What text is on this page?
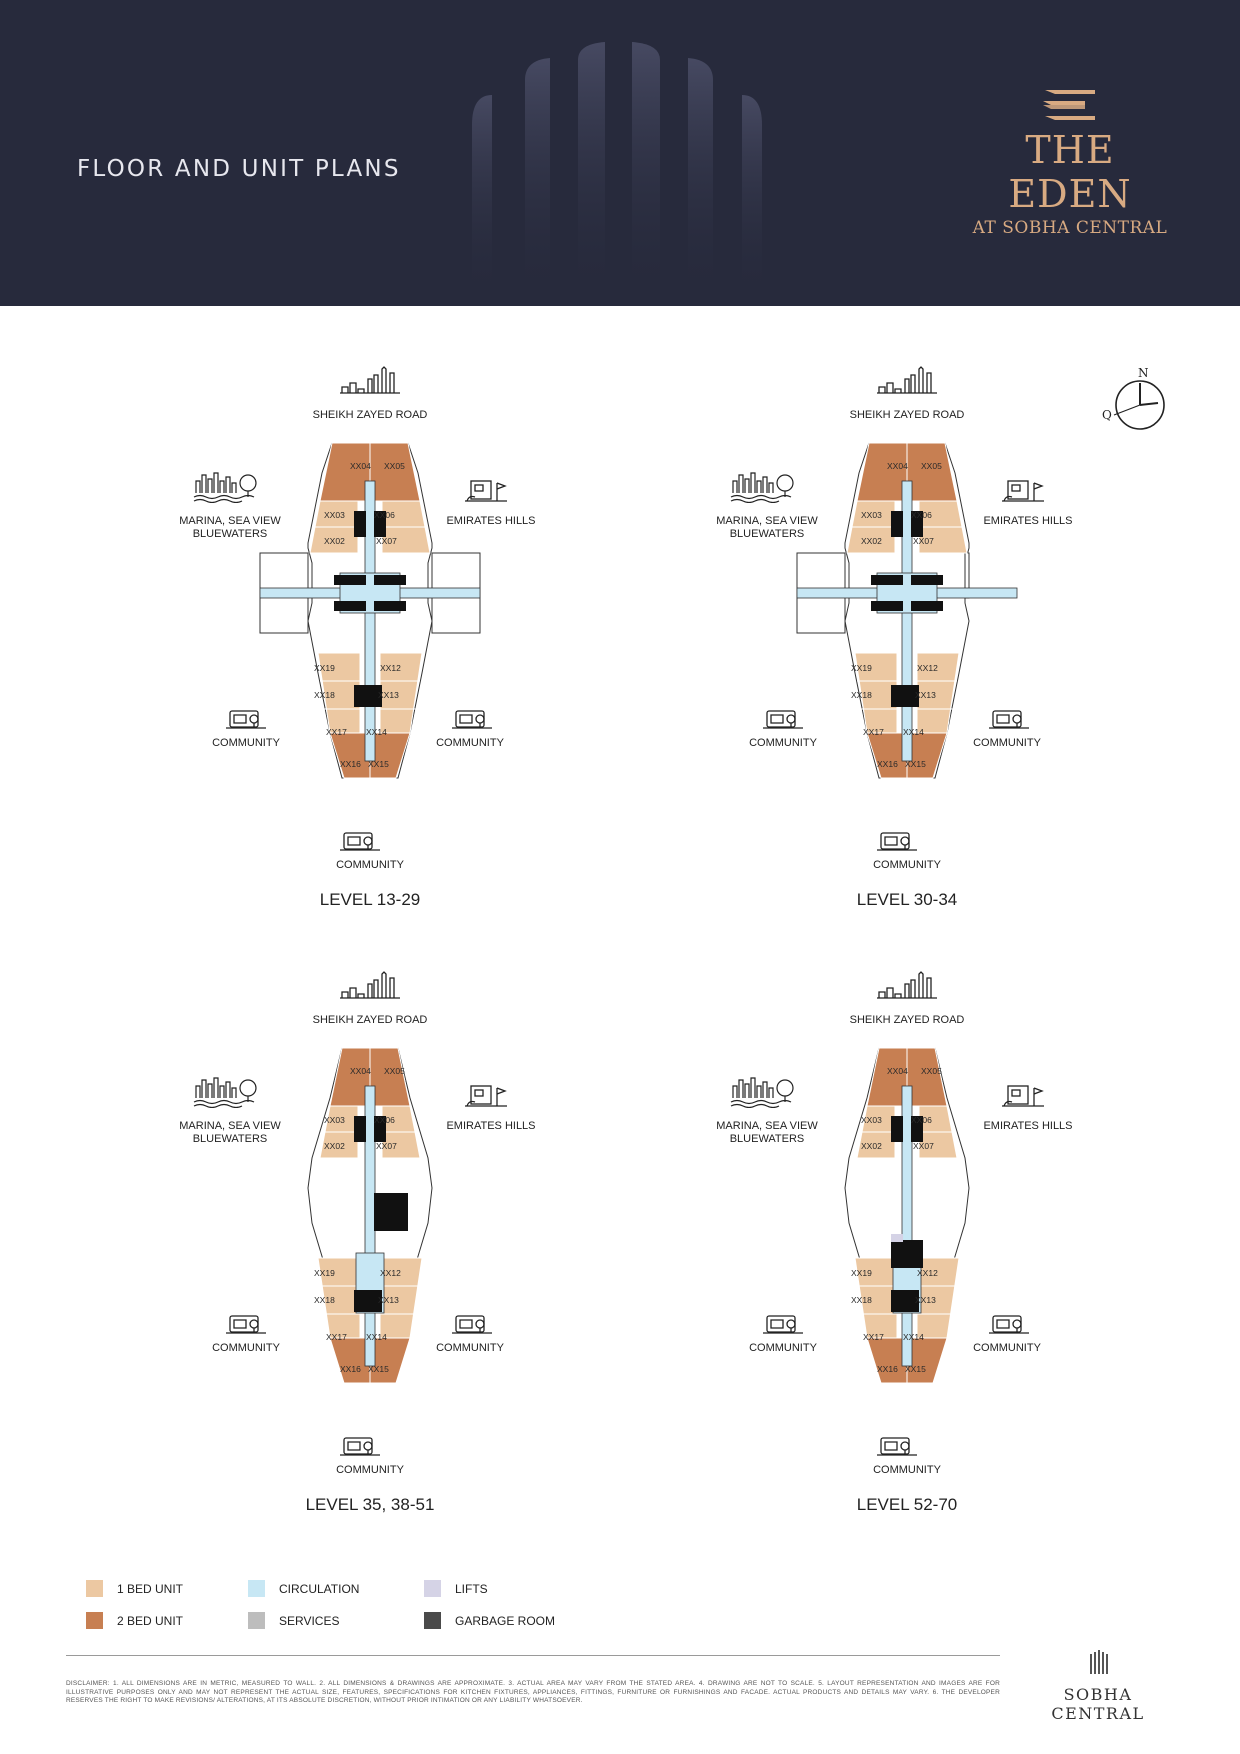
FLOOR AND UNIT PLANS	THE EDEN
AT SOBHA CENTRAL
N
Q
XX04 XX05
XX03	XX06
XX02	XX07
XX19	XX12
XX18	XX13
XX17 XX14
XX16 XX15
SHEIKH ZAYED ROAD
MARINA, SEA VIEW
BLUEWATERS
EMIRATES HILLS
COMMUNITY	COMMUNITY
COMMUNITY
LEVEL 13-29
XX04 XX05
XX03	XX06
XX02	XX07
XX19	XX12
XX18	XX13
XX17 XX14
XX16 XX15
SHEIKH ZAYED ROAD
MARINA, SEA VIEW
BLUEWATERS
EMIRATES HILLS
COMMUNITY	COMMUNITY
COMMUNITY
LEVEL 30-34
XX04 XX05
XX03	XX06
XX02	XX07
XX19	XX12
XX18	XX13
XX17 XX14
XX16 XX15
SHEIKH ZAYED ROAD
MARINA, SEA VIEW
BLUEWATERS
EMIRATES HILLS
COMMUNITY	COMMUNITY
COMMUNITY
LEVEL 35, 38-51
XX04 XX05
XX03	XX06
XX02	XX07
XX19	XX12
XX18	XX13
XX17 XX14
XX16 XX15
SHEIKH ZAYED ROAD
MARINA, SEA VIEW
BLUEWATERS
EMIRATES HILLS
COMMUNITY	COMMUNITY
COMMUNITY
LEVEL 52-70
1 BED UNIT
2 BED UNIT
CIRCULATION
SERVICES
LIFTS
GARBAGE ROOM
DISCLAIMER: 1. ALL DIMENSIONS ARE IN METRIC, MEASURED TO WALL. 2. ALL DIMENSIONS & DRAWINGS ARE APPROXIMATE. 3. ACTUAL AREA MAY VARY FROM THE STATED AREA. 4. DRAWING ARE NOT TO SCALE. 5. LAYOUT REPRESENTATION AND IMAGES ARE FOR ILLUSTRATIVE PURPOSES ONLY AND MAY NOT REPRESENT THE ACTUAL SIZE, FEATURES, SPECIFICATIONS FOR KITCHEN FIXTURES, APPLIANCES, FITTINGS, FURNITURE OR FURNISHINGS AND FACADE. ACTUAL PRODUCTS AND DETAILS MAY VARY. 6. THE DEVELOPER RESERVES THE RIGHT TO MAKE REVISIONS/ ALTERATIONS, AT ITS ABSOLUTE DISCRETION, WITHOUT PRIOR INTIMATION OR ANY LIABILITY WHATSOEVER.	SOBHA CENTRAL
